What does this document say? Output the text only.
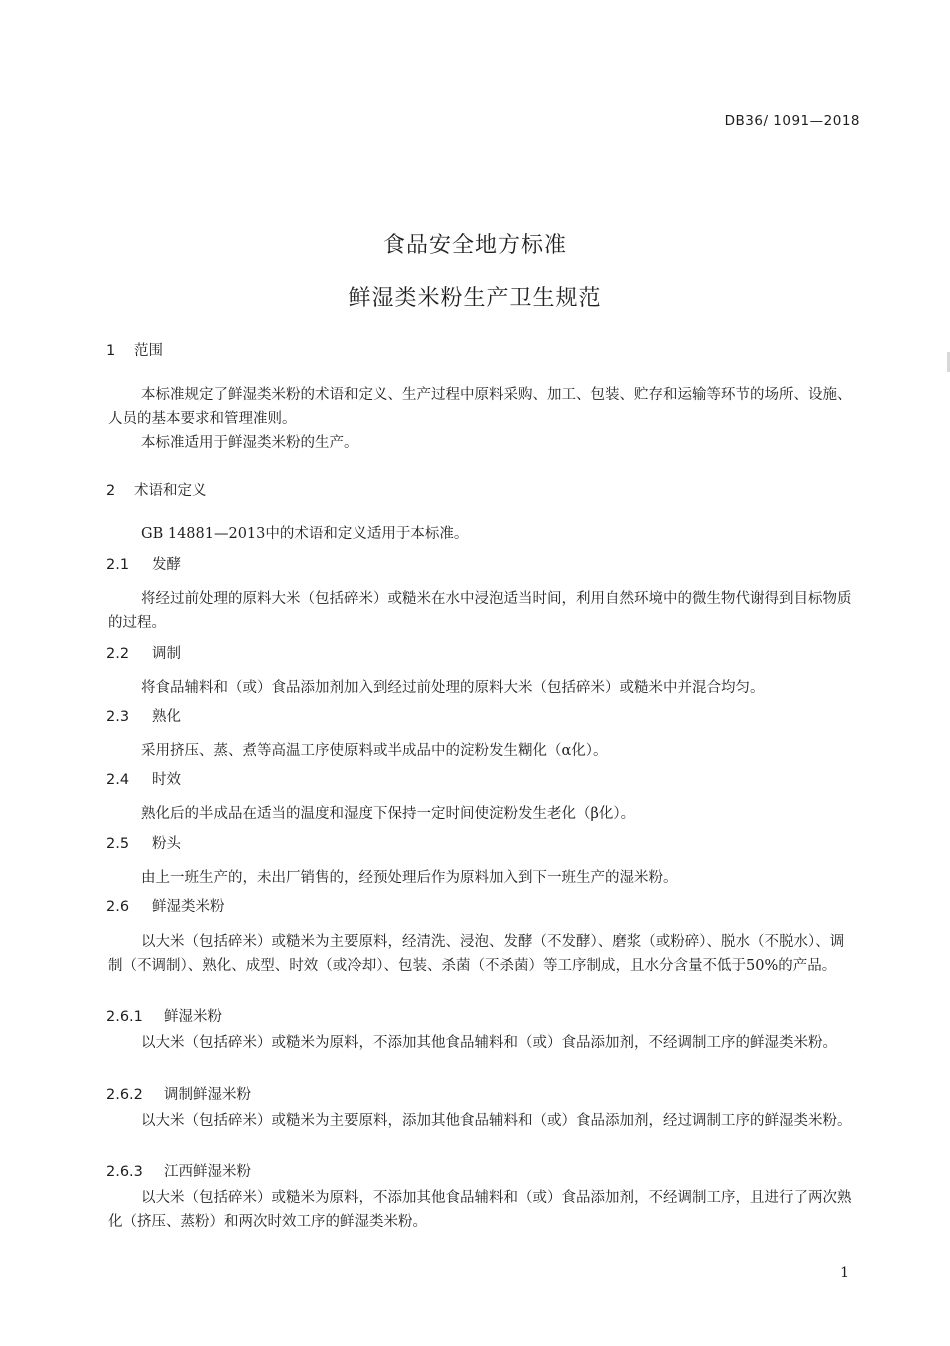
DB36/ 1091—2018
食品安全地方标准
鲜湿类米粉生产卫生规范
1 范围

本标准规定了鲜湿类米粉的术语和定义、生产过程中原料采购、加工、包装、贮存和运输等环节的场所、设施、人员的基本要求和管理准则。

本标准适用于鲜湿类米粉的生产。

2 术语和定义

GB 14881—2013中的术语和定义适用于本标准。

2.1 发酵

将经过前处理的原料大米（包括碎米）或糙米在水中浸泡适当时间，利用自然环境中的微生物代谢得到目标物质的过程。

2.2 调制

将食品辅料和（或）食品添加剂加入到经过前处理的原料大米（包括碎米）或糙米中并混合均匀。

2.3 熟化

采用挤压、蒸、煮等高温工序使原料或半成品中的淀粉发生糊化（α化）。

2.4 时效

熟化后的半成品在适当的温度和湿度下保持一定时间使淀粉发生老化（β化）。

2.5 粉头

由上一班生产的，未出厂销售的，经预处理后作为原料加入到下一班生产的湿米粉。

2.6 鲜湿类米粉

以大米（包括碎米）或糙米为主要原料，经清洗、浸泡、发酵（不发酵）、磨浆（或粉碎）、脱水（不脱水）、调制（不调制）、熟化、成型、时效（或冷却）、包装、杀菌（不杀菌）等工序制成，且水分含量不低于50%的产品。

2.6.1 鲜湿米粉

以大米（包括碎米）或糙米为原料，不添加其他食品辅料和（或）食品添加剂，不经调制工序的鲜湿类米粉。

2.6.2 调制鲜湿米粉

以大米（包括碎米）或糙米为主要原料，添加其他食品辅料和（或）食品添加剂，经过调制工序的鲜湿类米粉。

2.6.3 江西鲜湿米粉

以大米（包括碎米）或糙米为原料，不添加其他食品辅料和（或）食品添加剂，不经调制工序，且进行了两次熟化（挤压、蒸粉）和两次时效工序的鲜湿类米粉。

1
